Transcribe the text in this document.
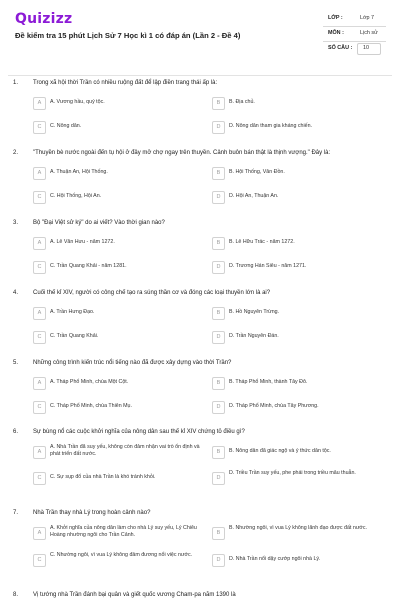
Quizizz
Đề kiểm tra 15 phút Lịch Sử 7 Học kì 1 có đáp án (Lần 2 - Đề 4)
LỚP :	Lớp 7
MÔN :	Lịch sử
SỐ CÂU : 10
1. Trong xã hội thời Trần có nhiều ruộng đất để lập điền trang thái ấp là:
A	A. Vương hầu, quý tộc.	B	B. Địa chủ.
C	C. Nông dân.	D	D. Nông dân tham gia kháng chiến.
2. "Thuyền bè nước ngoài đến tụ hội ở đây mở chợ ngay trên thuyền. Cảnh buôn bán thật là thịnh vượng." Đây là:
A	A. Thuận An, Hội Thống.	B	B. Hội Thống, Vân Đồn.
C	C. Hội Thống, Hội An.	D	D. Hội An, Thuận An.
3. Bộ "Đại Việt sử ký" do ai viết? Vào thời gian nào?
A	A. Lê Văn Hưu - năm 1272.	B	B. Lê Hữu Trác - năm 1272.
C	C. Trần Quang Khải - năm 1281.	D	D. Trương Hán Siêu - năm 1271.
4. Cuối thế kỉ XIV, người có công chế tạo ra súng thần cơ và đóng các loại thuyền lớn là ai?
A	A. Trần Hưng Đạo.	B	B. Hồ Nguyên Trừng.
C	C. Trần Quang Khải.	D	D. Trần Nguyên Đán.
5. Những công trình kiến trúc nổi tiếng nào đã được xây dựng vào thời Trần?
A	A. Tháp Phổ Minh, chùa Một Cột.	B	B. Tháp Phổ Minh, thành Tây Đô.
C	C. Tháp Phổ Minh, chùa Thiên Mụ.	D	D. Tháp Phổ Minh, chùa Tây Phương.
6. Sự bùng nổ các cuộc khởi nghĩa của nông dân sau thế kỉ XIV chứng tỏ điều gì?
A
A. Nhà Trần đã suy yếu, không còn đảm nhận vai trò ổn định và phát triển đất nước.	B	B. Nông dân đã giác ngộ và ý thức dân tộc.
C	C. Sự sụp đổ của nhà Trần là khó tránh khỏi.	D
D. Triều Trần suy yếu, phe phái trong triều mâu thuẫn.
7. Nhà Trần thay nhà Lý trong hoàn cảnh nào?
A
A. Khởi nghĩa của nông dân làm cho nhà Lý suy yếu, Lý Chiêu Hoàng nhường ngôi cho Trần Cảnh.	B
B. Nhường ngôi, vì vua Lý không lãnh đạo được đất nước.
C
C. Nhường ngôi, vì vua Lý không đảm đương nổi việc nước.
D	D. Nhà Trần nổi dậy cướp ngôi nhà Lý.
8. Vị tướng nhà Trần đánh bại quân và giết quốc vương Cham-pa năm 1390 là
